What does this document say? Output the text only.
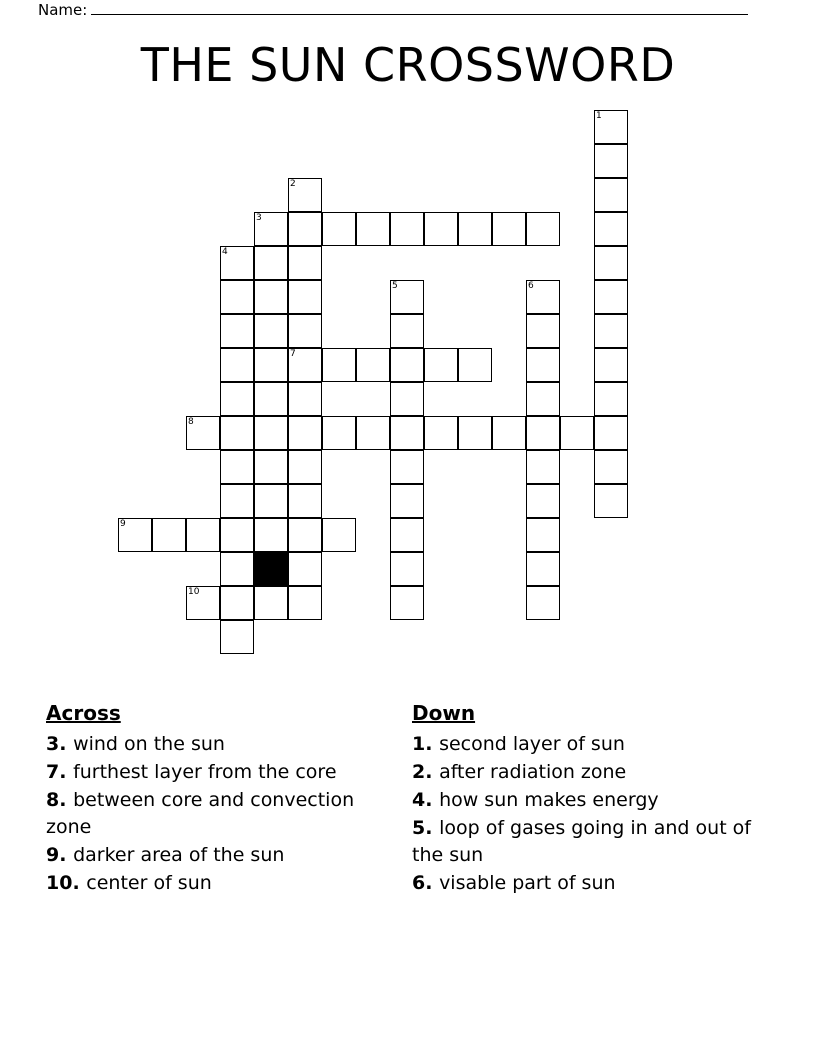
Name:
THE SUN CROSSWORD
1
2
3
4
5	6
7
8
9
10
Across
3. wind on the sun
7. furthest layer from the core
8. between core and convection zone
9. darker area of the sun
10. center of sun
Down
1. second layer of sun
2. after radiation zone
4. how sun makes energy
5. loop of gases going in and out of the sun
6. visable part of sun
